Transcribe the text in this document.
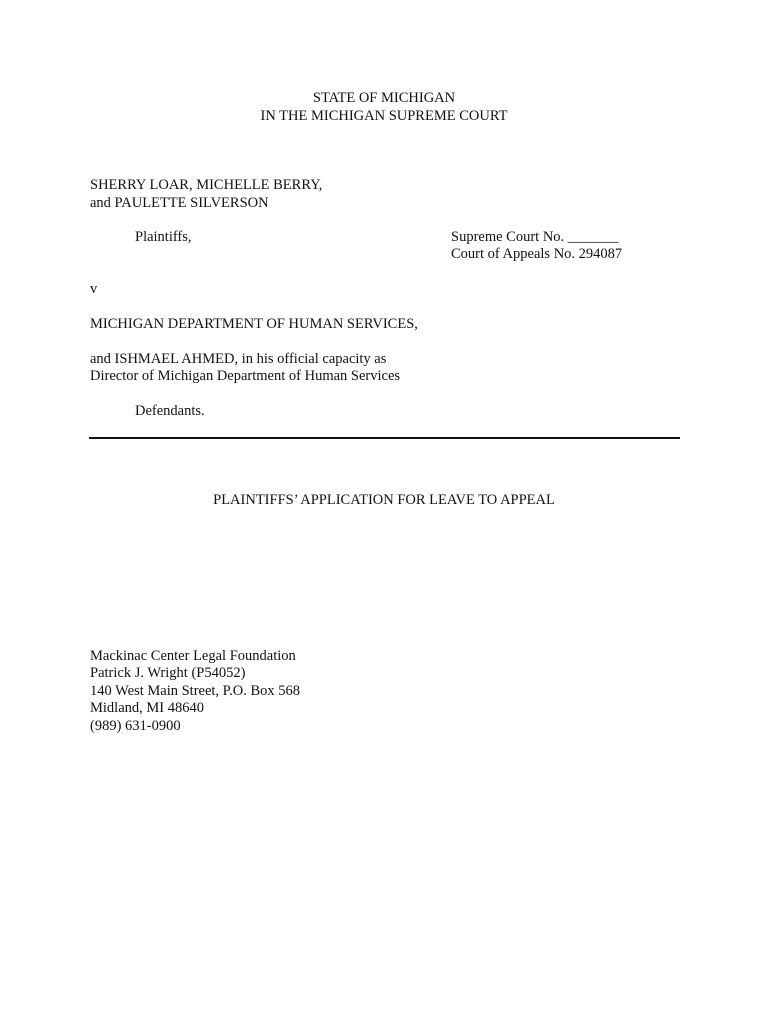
STATE OF MICHIGAN
IN THE MICHIGAN SUPREME COURT
SHERRY LOAR, MICHELLE BERRY,
and PAULETTE SILVERSON
Plaintiffs,	Supreme Court No. _______
Court of Appeals No. 294087
v
MICHIGAN DEPARTMENT OF HUMAN SERVICES,
and ISHMAEL AHMED, in his official capacity as
Director of Michigan Department of Human Services
Defendants.
PLAINTIFFS’ APPLICATION FOR LEAVE TO APPEAL
Mackinac Center Legal Foundation
Patrick J. Wright (P54052)
140 West Main Street, P.O. Box 568
Midland, MI 48640
(989) 631-0900
